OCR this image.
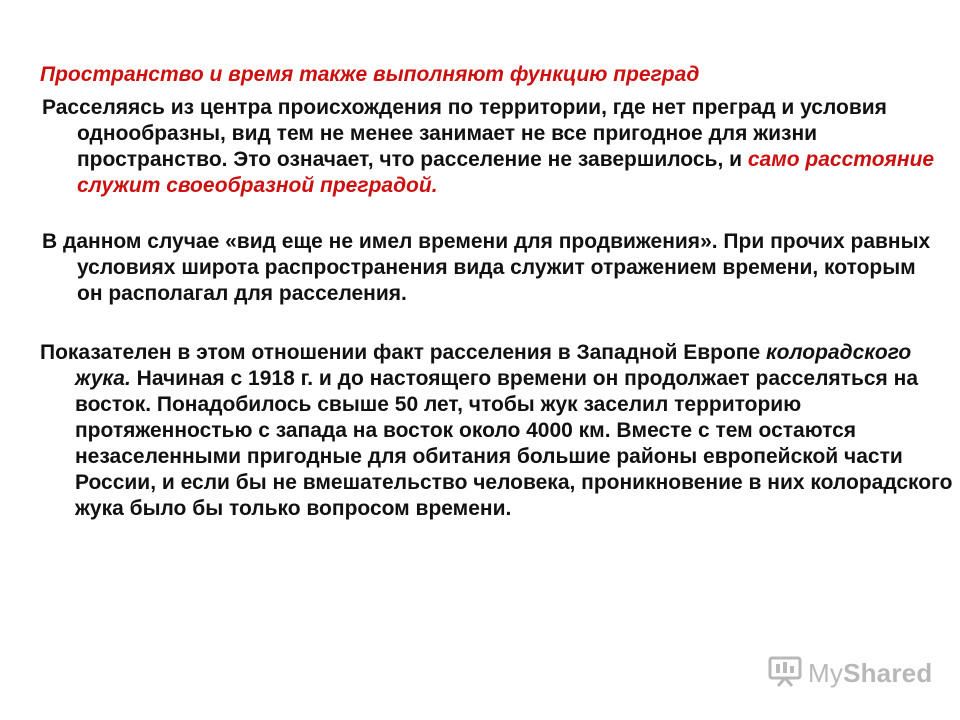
Пространство и время также выполняют функцию преград

Расселяясь из центра происхождения по территории, где нет преград и условия однообразны, вид тем не менее занимает не все пригодное для жизни пространство. Это означает, что расселение не завершилось, и само расстояние служит своеобразной преградой.

В данном случае «вид еще не имел времени для продвижения». При прочих равных условиях широта распространения вида служит отражением времени, которым он располагал для расселения.

Показателен в этом отношении факт расселения в Западной Европе колорадского жука. Начиная с 1918 г. и до настоящего времени он продолжает расселяться на восток. Понадобилось свыше 50 лет, чтобы жук заселил территорию протяженностью с запада на восток около 4000 км. Вместе с тем остаются незаселенными пригодные для обитания большие районы европейской части России, и если бы не вмешательство человека, проникновение в них колорадского жука было бы только вопросом времени.

MyShared
